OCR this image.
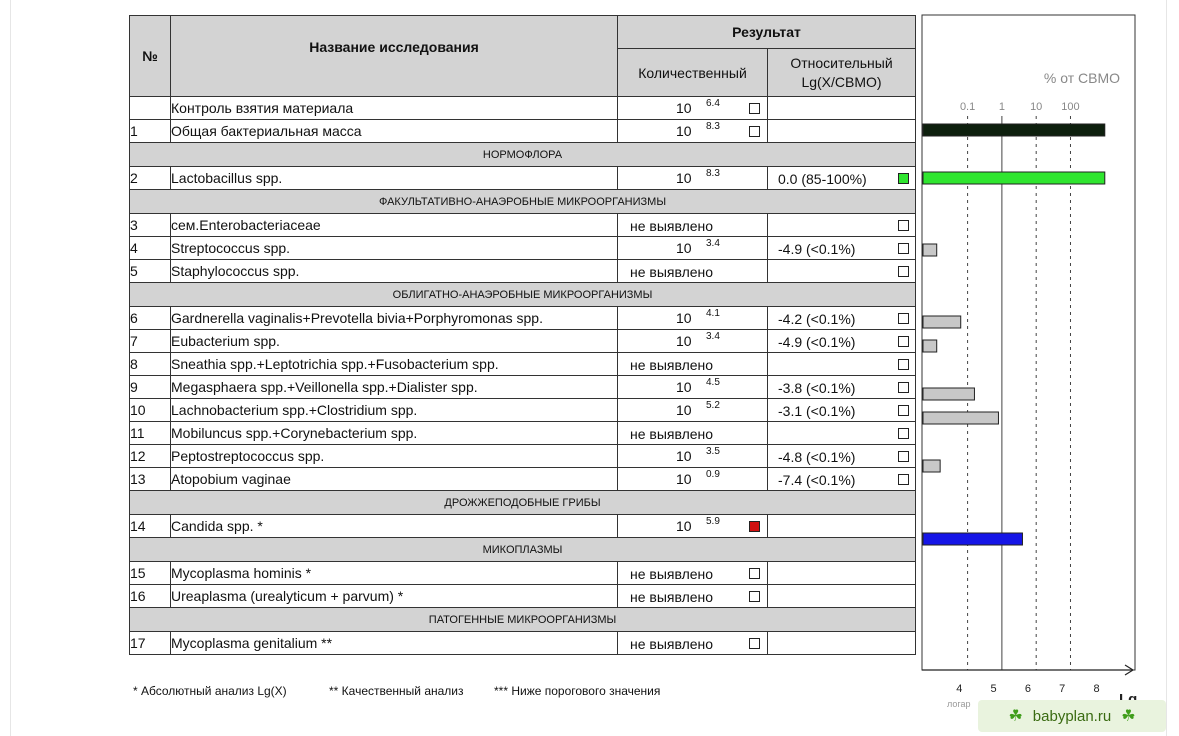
№	Название исследования	Результат	
		Количественный	Относительный
Lg(X/СВМО)
	Контроль взятия материала	10 6.4	

1	Общая бактериальная масса	10 8.3	

НОРМОФЛОРА			
2	Lactobacillus spp.	10 8.3	0.0 (85-100%)

ФАКУЛЬТАТИВНО-АНАЭРОБНЫЕ МИКРООРГАНИЗМЫ			
3	сем.Enterobacteriaceae	не выявлено	

4	Streptococcus spp.	10 3.4	-4.9 (<0.1%)

5	Staphylococcus spp.	не выявлено	

ОБЛИГАТНО-АНАЭРОБНЫЕ МИКРООРГАНИЗМЫ			
6	Gardnerella vaginalis+Prevotella bivia+Porphyromonas spp.	10 4.1	-4.2 (<0.1%)

7	Eubacterium spp.	10 3.4	-4.9 (<0.1%)

8	Sneathia spp.+Leptotrichia spp.+Fusobacterium spp.	не выявлено	

9	Megasphaera spp.+Veillonella spp.+Dialister spp.	10 4.5	-3.8 (<0.1%)

10	Lachnobacterium spp.+Clostridium spp.	10 5.2	-3.1 (<0.1%)

11	Mobiluncus spp.+Corynebacterium spp.	не выявлено	

12	Peptostreptococcus spp.	10 3.5	-4.8 (<0.1%)

13	Atopobium vaginae	10 0.9	-7.4 (<0.1%)

ДРОЖЖЕПОДОБНЫЕ ГРИБЫ			
14	Candida spp. *	10 5.9	

МИКОПЛАЗМЫ			
15	Mycoplasma hominis *	не выявлено	

16	Ureaplasma (urealyticum + parvum) *	не выявлено	

ПАТОГЕННЫЕ МИКРООРГАНИЗМЫ			
17	Mycoplasma genitalium **	не выявлено	

% от СВМО
0.1 1 10 100
4	5	6	7	8
логар
* Абсолютный анализ Lg(X)	** Качественный анализ	*** Ниже порогового значения
☘ babyplan.ru ☘
